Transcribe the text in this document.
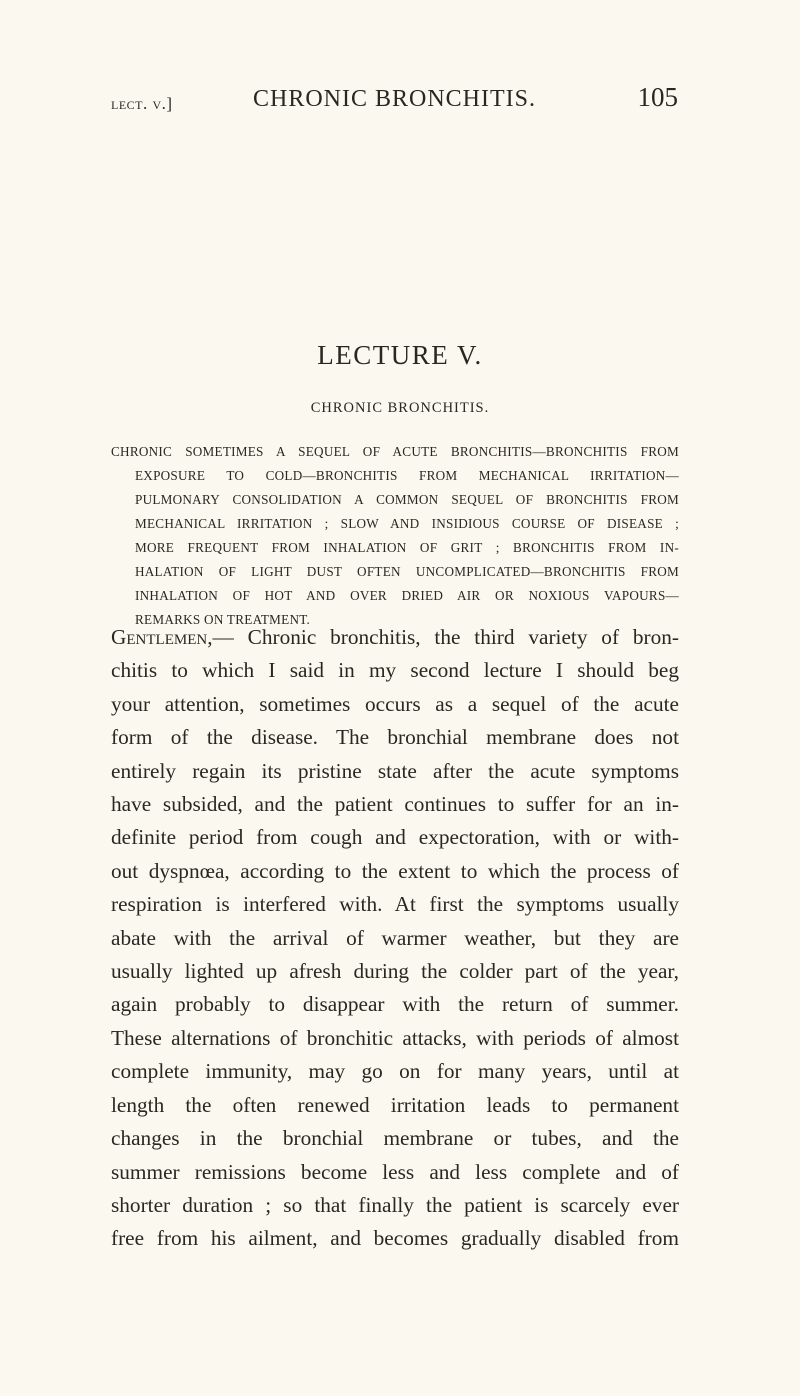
lect. v.]	CHRONIC BRONCHITIS.	105
LECTURE V.
CHRONIC BRONCHITIS.
CHRONIC SOMETIMES A SEQUEL OF ACUTE BRONCHITIS—BRONCHITIS FROM
EXPOSURE TO COLD—BRONCHITIS FROM MECHANICAL IRRITATION—
PULMONARY CONSOLIDATION A COMMON SEQUEL OF BRONCHITIS FROM
MECHANICAL IRRITATION ; SLOW AND INSIDIOUS COURSE OF DISEASE ;
MORE FREQUENT FROM INHALATION OF GRIT ; BRONCHITIS FROM IN-
HALATION OF LIGHT DUST OFTEN UNCOMPLICATED—BRONCHITIS FROM
INHALATION OF HOT AND OVER DRIED AIR OR NOXIOUS VAPOURS—
REMARKS ON TREATMENT.
Gentlemen,— Chronic bronchitis, the third variety of bron-
chitis to which I said in my second lecture I should beg
your attention, sometimes occurs as a sequel of the acute
form of the disease. The bronchial membrane does not
entirely regain its pristine state after the acute symptoms
have subsided, and the patient continues to suffer for an in-
definite period from cough and expectoration, with or with-
out dyspnœa, according to the extent to which the process of
respiration is interfered with. At first the symptoms usually
abate with the arrival of warmer weather, but they are
usually lighted up afresh during the colder part of the year,
again probably to disappear with the return of summer.
These alternations of bronchitic attacks, with periods of almost
complete immunity, may go on for many years, until at
length the often renewed irritation leads to permanent
changes in the bronchial membrane or tubes, and the
summer remissions become less and less complete and of
shorter duration ; so that finally the patient is scarcely ever
free from his ailment, and becomes gradually disabled from
